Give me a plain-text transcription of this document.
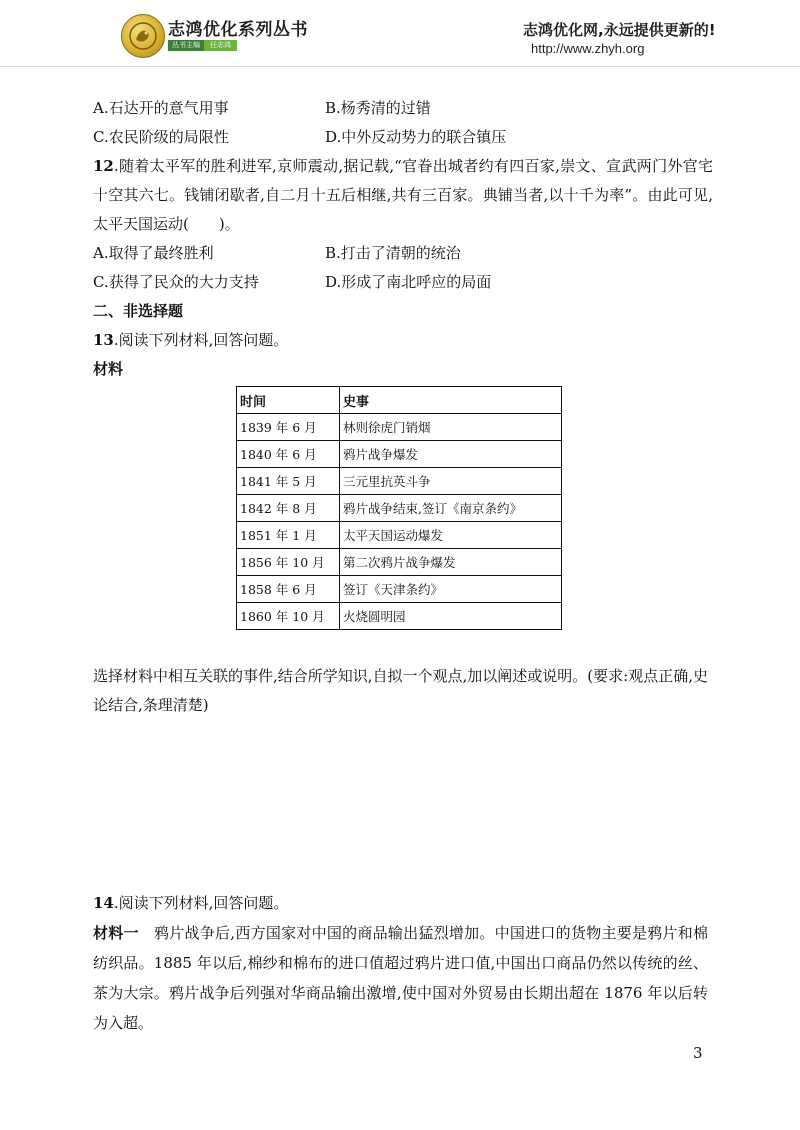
志鸿优化系列丛书
丛书主编	任志鸿
志鸿优化网,永远提供更新的!
http://www.zhyh.org
A.石达开的意气用事	B.杨秀清的过错
C.农民阶级的局限性	D.中外反动势力的联合镇压
12.随着太平军的胜利进军,京师震动,据记载,“官眷出城者约有四百家,崇文、宣武两门外官宅十空其六七。钱铺闭歇者,自二月十五后相继,共有三百家。典铺当者,以十千为率”。由此可见,太平天国运动(　　)。
A.取得了最终胜利	B.打击了清朝的统治
C.获得了民众的大力支持	D.形成了南北呼应的局面
二、非选择题
13.阅读下列材料,回答问题。
材料
时间	史事
1839 年 6 月	林则徐虎门销烟
1840 年 6 月	鸦片战争爆发
1841 年 5 月	三元里抗英斗争
1842 年 8 月	鸦片战争结束,签订《南京条约》
1851 年 1 月	太平天国运动爆发
1856 年 10 月	第二次鸦片战争爆发
1858 年 6 月	签订《天津条约》
1860 年 10 月	火烧圆明园
选择材料中相互关联的事件,结合所学知识,自拟一个观点,加以阐述或说明。(要求:观点正确,史论结合,条理清楚)
14.阅读下列材料,回答问题。
材料一　 鸦片战争后,西方国家对中国的商品输出猛烈增加。中国进口的货物主要是鸦片和棉纺织品。1885 年以后,棉纱和棉布的进口值超过鸦片进口值,中国出口商品仍然以传统的丝、茶为大宗。鸦片战争后列强对华商品输出激增,使中国对外贸易由长期出超在 1876 年以后转为入超。
3
